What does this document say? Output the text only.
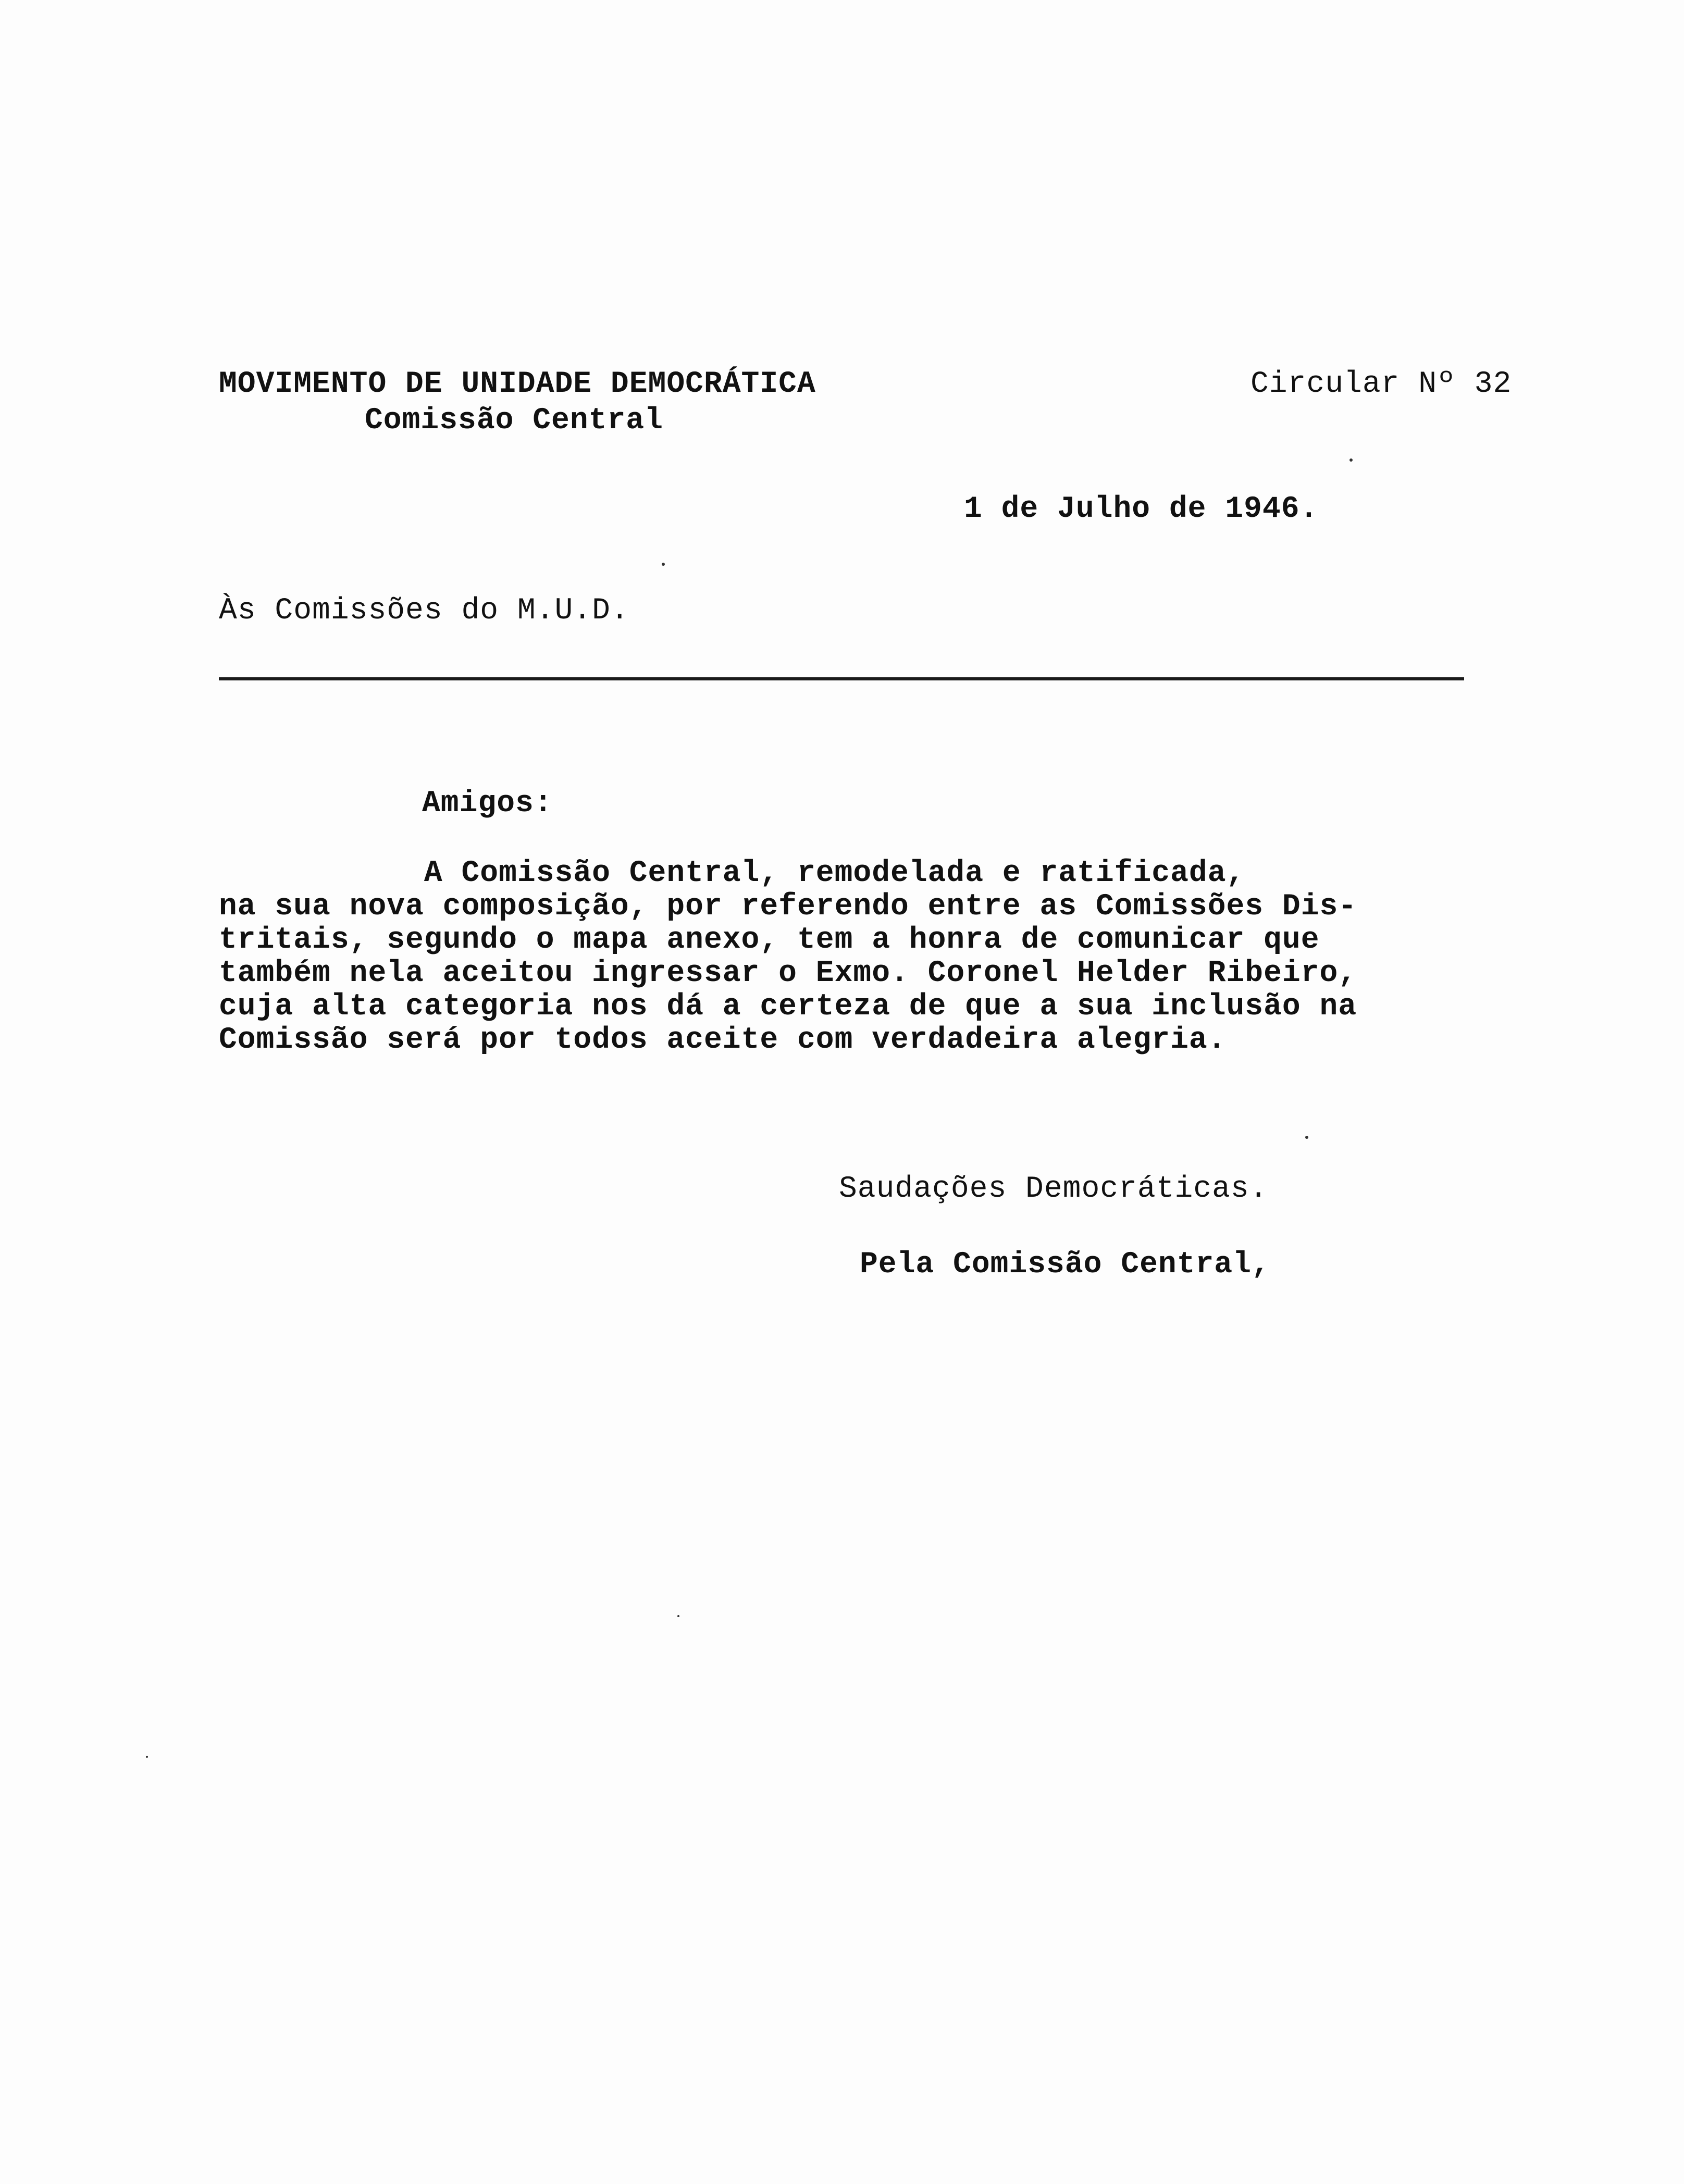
MOVIMENTO DE UNIDADE DEMOCRÁTICA
Comissão Central
Circular Nº 32
1 de Julho de 1946.
Às Comissões do M.U.D.
Amigos:
A Comissão Central, remodelada e ratificada,
na sua nova composição, por referendo entre as Comissões Dis-
tritais, segundo o mapa anexo, tem a honra de comunicar que
também nela aceitou ingressar o Exmo. Coronel Helder Ribeiro,
cuja alta categoria nos dá a certeza de que a sua inclusão na
Comissão será por todos aceite com verdadeira alegria.
Saudações Democráticas.
Pela Comissão Central,
